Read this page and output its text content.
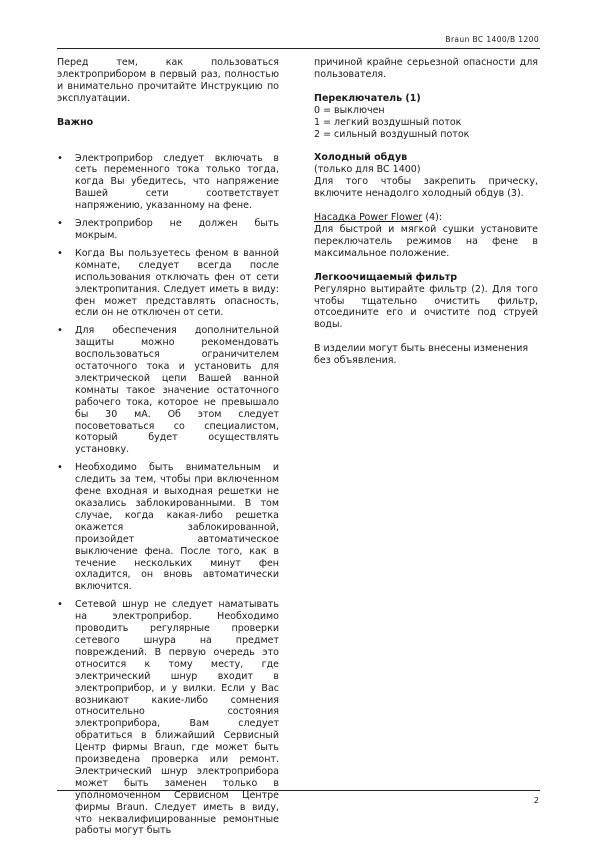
Braun BC 1400/B 1200

Перед тем, как пользоваться электроприбором в первый раз, полностью и внимательно прочитайте Инструкцию по эксплуатации.

Важно

• Электроприбор следует включать в сеть переменного тока только тогда, когда Вы убедитесь, что напряжение Вашей сети соответствует напряжению, указанному на фене.
• Электроприбор не должен быть мокрым.
• Когда Вы пользуетесь феном в ванной комнате, следует всегда после использования отключать фен от сети электропитания. Следует иметь в виду: фен может представлять опасность, если он не отключен от сети.
• Для обеспечения дополнительной защиты можно рекомендовать воспользоваться ограничителем остаточного тока и установить для электрической цепи Вашей ванной комнаты такое значение остаточного рабочего тока, которое не превышало бы 30 мА. Об этом следует посоветоваться со специалистом, который будет осуществлять установку.
• Необходимо быть внимательным и следить за тем, чтобы при включенном фене входная и выходная решетки не оказались заблокированными. В том случае, когда какая-либо решетка окажется заблокированной, произойдет автоматическое выключение фена. После того, как в течение нескольких минут фен охладится, он вновь автоматически включится.
• Сетевой шнур не следует наматывать на электроприбор. Необходимо проводить регулярные проверки сетевого шнура на предмет повреждений. В первую очередь это относится к тому месту, где электрический шнур входит в электроприбор, и у вилки. Если у Вас возникают какие-либо сомнения относительно состояния электроприбора, Вам следует обратиться в ближайший Сервисный Центр фирмы Braun, где может быть произведена проверка или ремонт. Электрический шнур электроприбора может быть заменен только в уполномоченном Сервисном Центре фирмы Braun. Следует иметь в виду, что неквалифицированные ремонтные работы могут быть

причиной крайне серьезной опасности для пользователя.

Переключатель (1)

0 = выключен

1 = легкий воздушный поток

2 = сильный воздушный поток

Холодный обдув

(только для BC 1400)

Для того чтобы закрепить прическу, включите ненадолго холодный обдув (3).

Насадка Power Flower (4):

Для быстрой и мягкой сушки установите переключатель режимов на фене в максимальное положение.

Легкоочищаемый фильтр

Регулярно вытирайте фильтр (2). Для того чтобы тщательно очистить фильтр, отсоедините его и очистите под струей воды.

В изделии могут быть внесены изменения без объявления.

2
